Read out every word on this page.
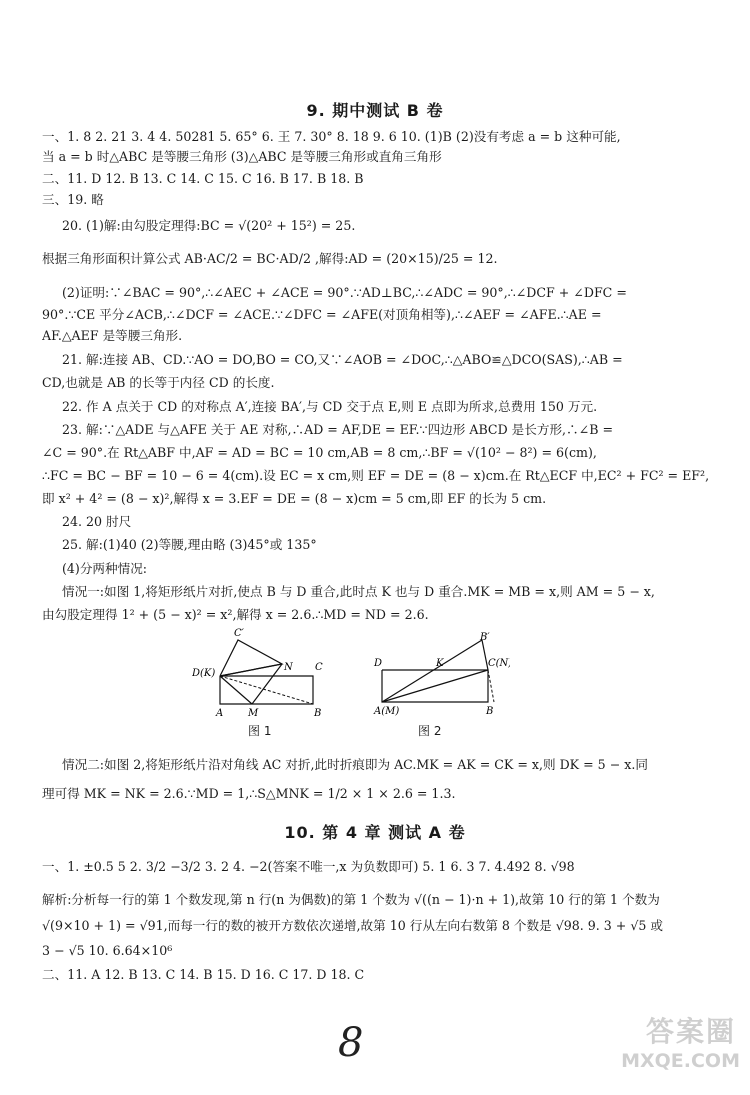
9. 期中测试 B 卷
一、1. 8 2. 21 3. 4 4. 50281 5. 65° 6. 王 7. 30° 8. 18 9. 6 10. (1)B (2)没有考虑 a = b 这种可能,
当 a = b 时△ABC 是等腰三角形 (3)△ABC 是等腰三角形或直角三角形
二、11. D 12. B 13. C 14. C 15. C 16. B 17. B 18. B
三、19. 略
20. (1)解:由勾股定理得:BC = √(20² + 15²) = 25.
根据三角形面积计算公式 AB·AC/2 = BC·AD/2 ,解得:AD = (20×15)/25 = 12.
(2)证明:∵∠BAC = 90°,∴∠AEC + ∠ACE = 90°.∵AD⊥BC,∴∠ADC = 90°,∴∠DCF + ∠DFC =
90°.∵CE 平分∠ACB,∴∠DCF = ∠ACE.∵∠DFC = ∠AFE(对顶角相等),∴∠AEF = ∠AFE.∴AE =
AF.△AEF 是等腰三角形.
21. 解:连接 AB、CD.∵AO = DO,BO = CO,又∵∠AOB = ∠DOC,∴△ABO≌△DCO(SAS),∴AB =
CD,也就是 AB 的长等于内径 CD 的长度.
22. 作 A 点关于 CD 的对称点 A′,连接 BA′,与 CD 交于点 E,则 E 点即为所求,总费用 150 万元.
23. 解:∵△ADE 与△AFE 关于 AE 对称,∴AD = AF,DE = EF.∵四边形 ABCD 是长方形,∴∠B =
∠C = 90°.在 Rt△ABF 中,AF = AD = BC = 10 cm,AB = 8 cm,∴BF = √(10² − 8²) = 6(cm),
∴FC = BC − BF = 10 − 6 = 4(cm).设 EC = x cm,则 EF = DE = (8 − x)cm.在 Rt△ECF 中,EC² + FC² = EF²,
即 x² + 4² = (8 − x)²,解得 x = 3.EF = DE = (8 − x)cm = 5 cm,即 EF 的长为 5 cm.
24. 20 肘尺
25. 解:(1)40 (2)等腰,理由略 (3)45°或 135°
(4)分两种情况:
情况一:如图 1,将矩形纸片对折,使点 B 与 D 重合,此时点 K 也与 D 重合.MK = MB = x,则 AM = 5 − x,
由勾股定理得 1² + (5 − x)² = x²,解得 x = 2.6.∴MD = ND = 2.6.
C′
D(K)
N C
A M	B
图 1
B′
D	K	C(N)
A(M)	B
图 2
情况二:如图 2,将矩形纸片沿对角线 AC 对折,此时折痕即为 AC.MK = AK = CK = x,则 DK = 5 − x.同
理可得 MK = NK = 2.6.∵MD = 1,∴S△MNK = 1/2 × 1 × 2.6 = 1.3.
10. 第 4 章 测试 A 卷
一、1. ±0.5 5 2. 3/2 −3/2 3. 2 4. −2(答案不唯一,x 为负数即可) 5. 1 6. 3 7. 4.492 8. √98
解析:分析每一行的第 1 个数发现,第 n 行(n 为偶数)的第 1 个数为 √((n − 1)·n + 1),故第 10 行的第 1 个数为
√(9×10 + 1) = √91,而每一行的数的被开方数依次递增,故第 10 行从左向右数第 8 个数是 √98. 9. 3 + √5 或
3 − √5 10. 6.64×10⁶
二、11. A 12. B 13. C 14. B 15. D 16. C 17. D 18. C
8	答案圈
MXQE.COM
